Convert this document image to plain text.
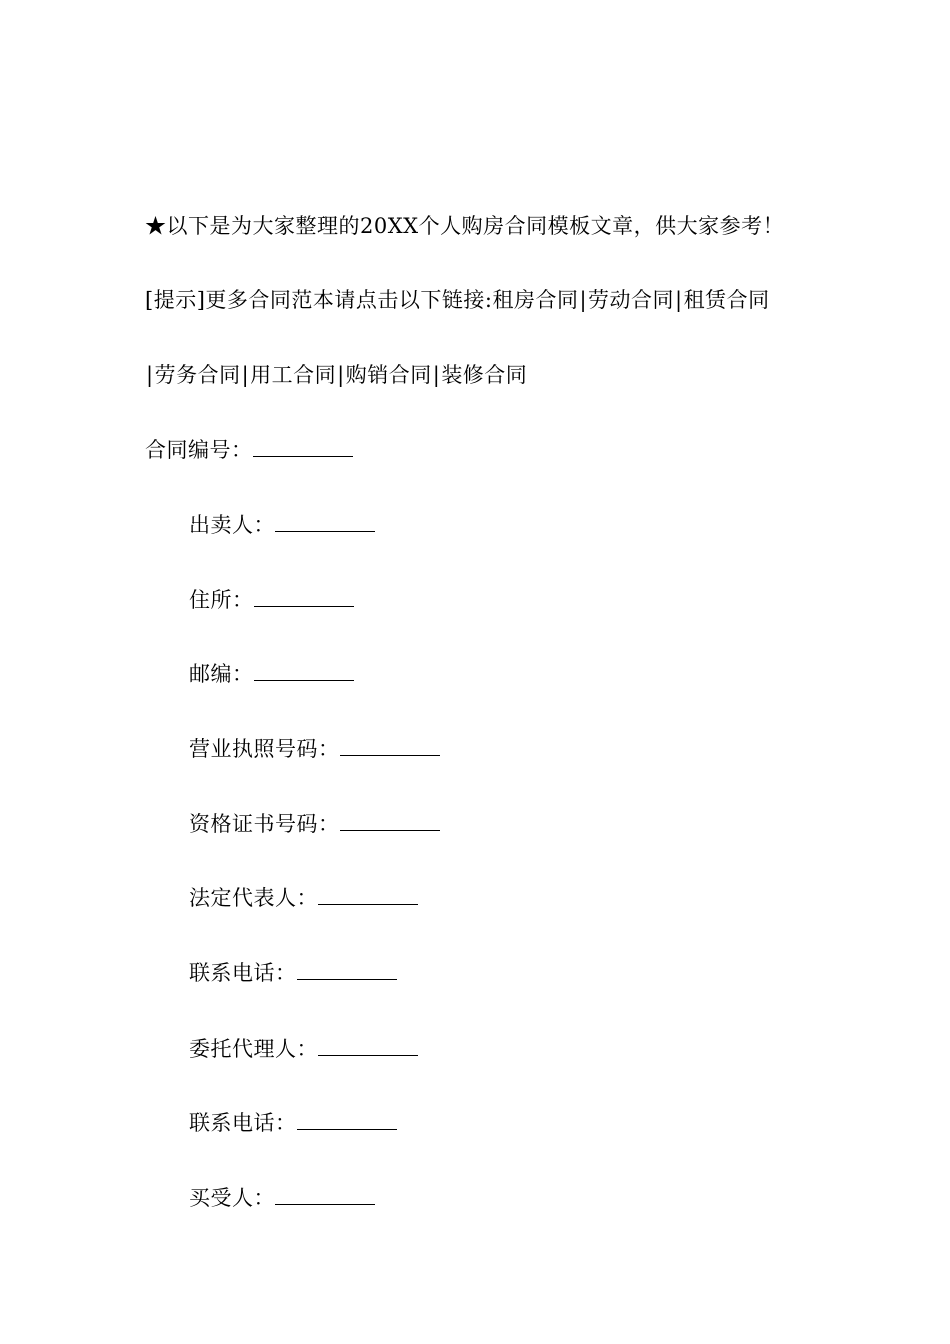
★以下是为大家整理的20XX个人购房合同模板文章，供大家参考！
[提示]更多合同范本请点击以下链接:租房合同|劳动合同|租赁合同
|劳务合同|用工合同|购销合同|装修合同
合同编号：
出卖人：
住所：
邮编：
营业执照号码：
资格证书号码：
法定代表人：
联系电话：
委托代理人：
联系电话：
买受人：
